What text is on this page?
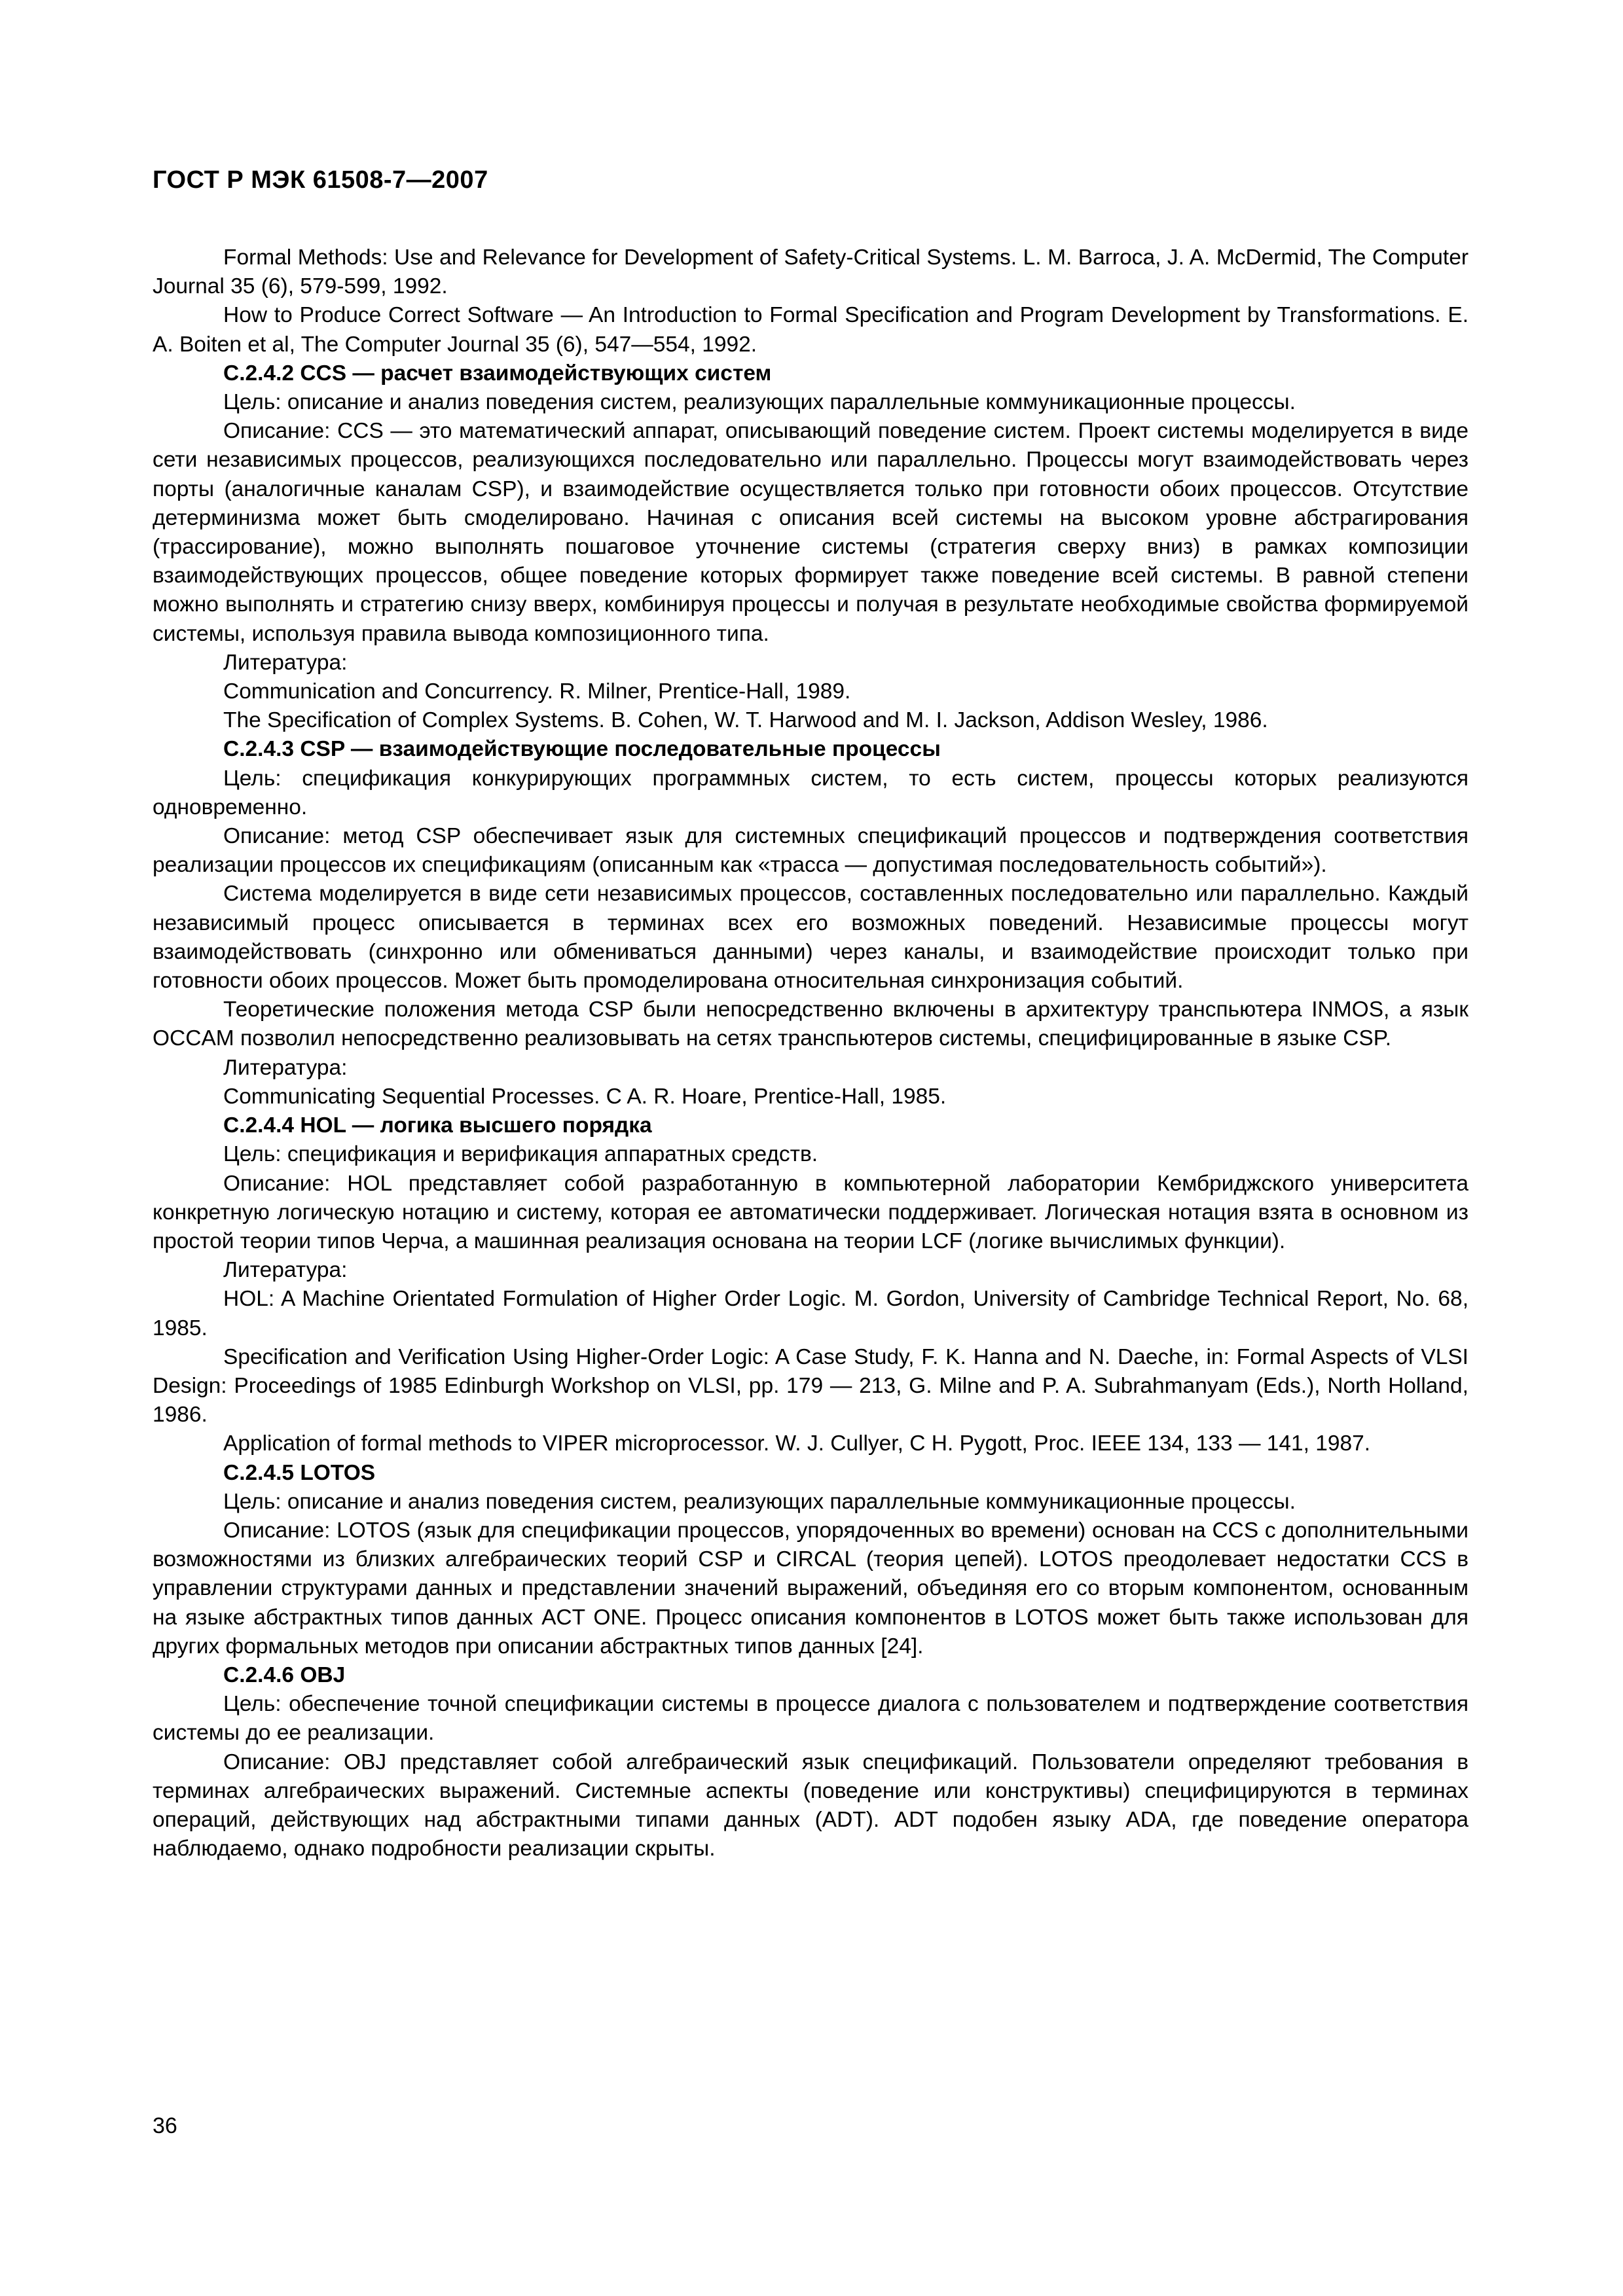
ГОСТ Р МЭК 61508-7—2007

Formal Methods: Use and Relevance for Development of Safety-Critical Systems. L. M. Barroca, J. A. McDermid, The Computer Journal 35 (6), 579-599, 1992.

How to Produce Correct Software — An Introduction to Formal Specification and Program Development by Transformations. E. A. Boiten et al, The Computer Journal 35 (6), 547—554, 1992.

C.2.4.2 CCS — расчет взаимодействующих систем

Цель: описание и анализ поведения систем, реализующих параллельные коммуникационные процессы.

Описание: CCS — это математический аппарат, описывающий поведение систем. Проект системы моделируется в виде сети независимых процессов, реализующихся последовательно или параллельно. Процессы могут взаимодействовать через порты (аналогичные каналам CSP), и взаимодействие осуществляется только при готовности обоих процессов. Отсутствие детерминизма может быть смоделировано. Начиная с описания всей системы на высоком уровне абстрагирования (трассирование), можно выполнять пошаговое уточнение системы (стратегия сверху вниз) в рамках композиции взаимодействующих процессов, общее поведение которых формирует также поведение всей системы. В равной степени можно выполнять и стратегию снизу вверх, комбинируя процессы и получая в результате необходимые свойства формируемой системы, используя правила вывода композиционного типа.

Литература:

Communication and Concurrency. R. Milner, Prentice-Hall, 1989.

The Specification of Complex Systems. B. Cohen, W. T. Harwood and M. I. Jackson, Addison Wesley, 1986.

C.2.4.3 CSP — взаимодействующие последовательные процессы

Цель: спецификация конкурирующих программных систем, то есть систем, процессы которых реализуются одновременно.

Описание: метод CSP обеспечивает язык для системных спецификаций процессов и подтверждения соответствия реализации процессов их спецификациям (описанным как «трасса — допустимая последовательность событий»).

Система моделируется в виде сети независимых процессов, составленных последовательно или параллельно. Каждый независимый процесс описывается в терминах всех его возможных поведений. Независимые процессы могут взаимодействовать (синхронно или обмениваться данными) через каналы, и взаимодействие происходит только при готовности обоих процессов. Может быть промоделирована относительная синхронизация событий.

Теоретические положения метода CSP были непосредственно включены в архитектуру транспьютера INMOS, а язык OCCAM позволил непосредственно реализовывать на сетях транспьютеров системы, специфицированные в языке CSP.

Литература:

Communicating Sequential Processes. C A. R. Hoare, Prentice-Hall, 1985.

C.2.4.4 HOL — логика высшего порядка

Цель: спецификация и верификация аппаратных средств.

Описание: HOL представляет собой разработанную в компьютерной лаборатории Кембриджского университета конкретную логическую нотацию и систему, которая ее автоматически поддерживает. Логическая нотация взята в основном из простой теории типов Черча, а машинная реализация основана на теории LCF (логике вычислимых функции).

Литература:

HOL: A Machine Orientated Formulation of Higher Order Logic. M. Gordon, University of Cambridge Technical Report, No. 68, 1985.

Specification and Verification Using Higher-Order Logic: A Case Study, F. K. Hanna and N. Daeche, in: Formal Aspects of VLSI Design: Proceedings of 1985 Edinburgh Workshop on VLSI, pp. 179 — 213, G. Milne and P. A. Subrahmanyam (Eds.), North Holland, 1986.

Application of formal methods to VIPER microprocessor. W. J. Cullyer, C H. Pygott, Proc. IEEE 134, 133 — 141, 1987.

C.2.4.5 LOTOS

Цель: описание и анализ поведения систем, реализующих параллельные коммуникационные процессы.

Описание: LOTOS (язык для спецификации процессов, упорядоченных во времени) основан на CCS с дополнительными возможностями из близких алгебраических теорий CSP и CIRCAL (теория цепей). LOTOS преодолевает недостатки CCS в управлении структурами данных и представлении значений выражений, объединяя его со вторым компонентом, основанным на языке абстрактных типов данных ACT ONE. Процесс описания компонентов в LOTOS может быть также использован для других формальных методов при описании абстрактных типов данных [24].

C.2.4.6 OBJ

Цель: обеспечение точной спецификации системы в процессе диалога с пользователем и подтверждение соответствия системы до ее реализации.

Описание: OBJ представляет собой алгебраический язык спецификаций. Пользователи определяют требования в терминах алгебраических выражений. Системные аспекты (поведение или конструктивы) специфицируются в терминах операций, действующих над абстрактными типами данных (ADT). ADT подобен языку ADA, где поведение оператора наблюдаемо, однако подробности реализации скрыты.

36
